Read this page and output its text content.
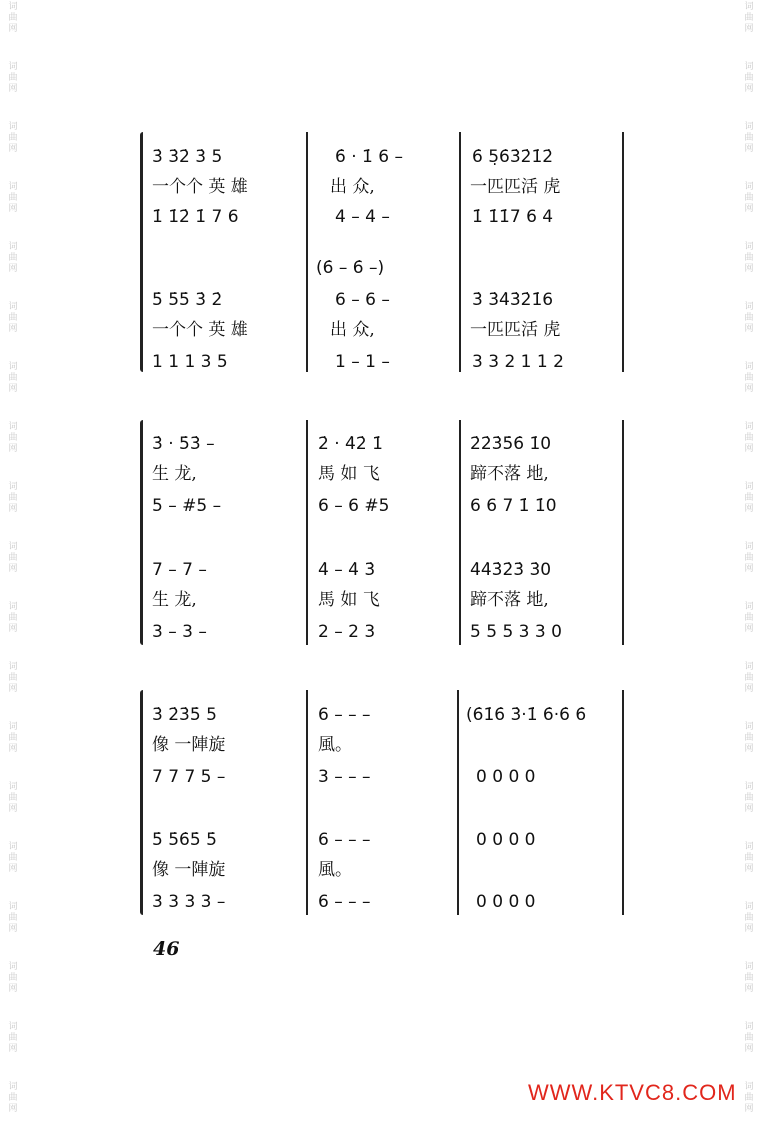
词
曲
网
词
曲
网
词
曲
网
词
曲
网
词
曲
网
词
曲
网
词
曲
网
词
曲
网
词
曲
网
词
曲
网
词
曲
网
词
曲
网
词
曲
网
词
曲
网
词
曲
网
词
曲
网
词
曲
网
词
曲
网
词
曲
网
词
曲
网
词
曲
网
词
曲
网
词
曲
网
词
曲
网
词
曲
网
词
曲
网
词
曲
网
词
曲
网
词
曲
网
词
曲
网
词
曲
网
词
曲
网
词
曲
网
词
曲
网
词
曲
网
词
曲
网
词
曲
网
词
曲
网
3̇ 3̇2̇ 3̇ 5	6̇ · 1̇ 6 –	6̇ 5̣6̇3̇2̇1̇2̇
一个个 英 雄	出 众,	一匹匹活 虎
1̇ 1̇2̇ 1̇ 7 6	4 – 4 –	1̇ 1̇1̇7 6 4
(6̇ – 6̇ –)
5̇ 5̇5̇ 3̇ 2̇	6 – 6 –	3̇ 3̇4̇3̇2̇1̇6
一个个 英 雄	出 众,	一匹匹活 虎
1 1 1 3 5	1 – 1 –	3 3 2 1 1 2
3̇ · 5̇3̇ –	2̇ · 4̇2̇ 1̇	2̇2̇3̇5̇6̇ 1̇0
生 龙,	馬 如 飞	蹄不落 地,
5 – #5 –	6 – 6 #5	6 6 7 1̇ 1̇0
7 – 7 –	4̇ – 4̇ 3̇	4̇4̇3̇2̇3̇ 3̇0
生 龙,	馬 如 飞	蹄不落 地,
3 – 3 –	2 – 2 3	5 5 5 3 3 0
3̇ 2̇3̇5̇ 5	6 – – –	(6̇1̇6̇ 3̇·1̇ 6̇·6̇ 6̇
像 一陣旋	風。
7 7 7 5 –	3 – – –	0 0 0 0
5̇ 5̇6̇5̇ 5̇	6 – – –	0 0 0 0
像 一陣旋	風。
3 3 3 3 –	6 – – –	0 0 0 0
46
WWW.KTVC8.COM
